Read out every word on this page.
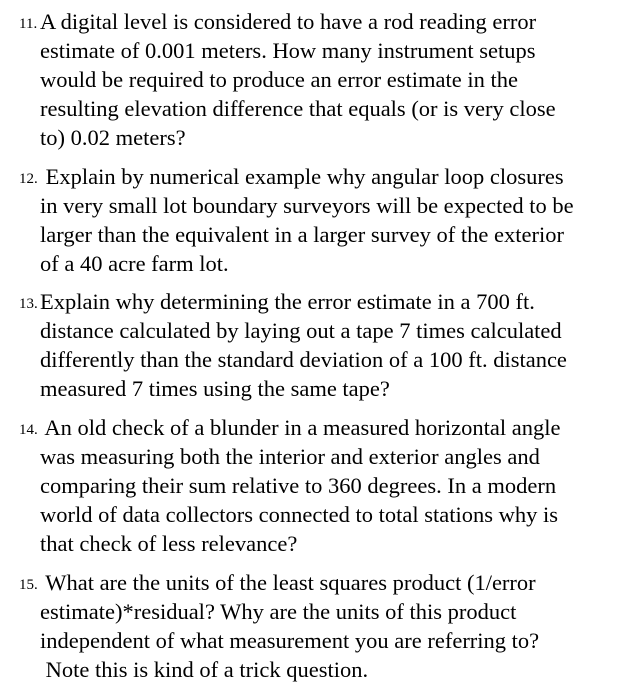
11. A digital level is considered to have a rod reading error
estimate of 0.001 meters. How many instrument setups
would be required to produce an error estimate in the
resulting elevation difference that equals (or is very close
to) 0.02 meters?
12. Explain by numerical example why angular loop closures
in very small lot boundary surveyors will be expected to be
larger than the equivalent in a larger survey of the exterior
of a 40 acre farm lot.
13. Explain why determining the error estimate in a 700 ft.
distance calculated by laying out a tape 7 times calculated
differently than the standard deviation of a 100 ft. distance
measured 7 times using the same tape?
14. An old check of a blunder in a measured horizontal angle
was measuring both the interior and exterior angles and
comparing their sum relative to 360 degrees. In a modern
world of data collectors connected to total stations why is
that check of less relevance?
15. What are the units of the least squares product (1/error
estimate)*residual? Why are the units of this product
independent of what measurement you are referring to?
Note this is kind of a trick question.
